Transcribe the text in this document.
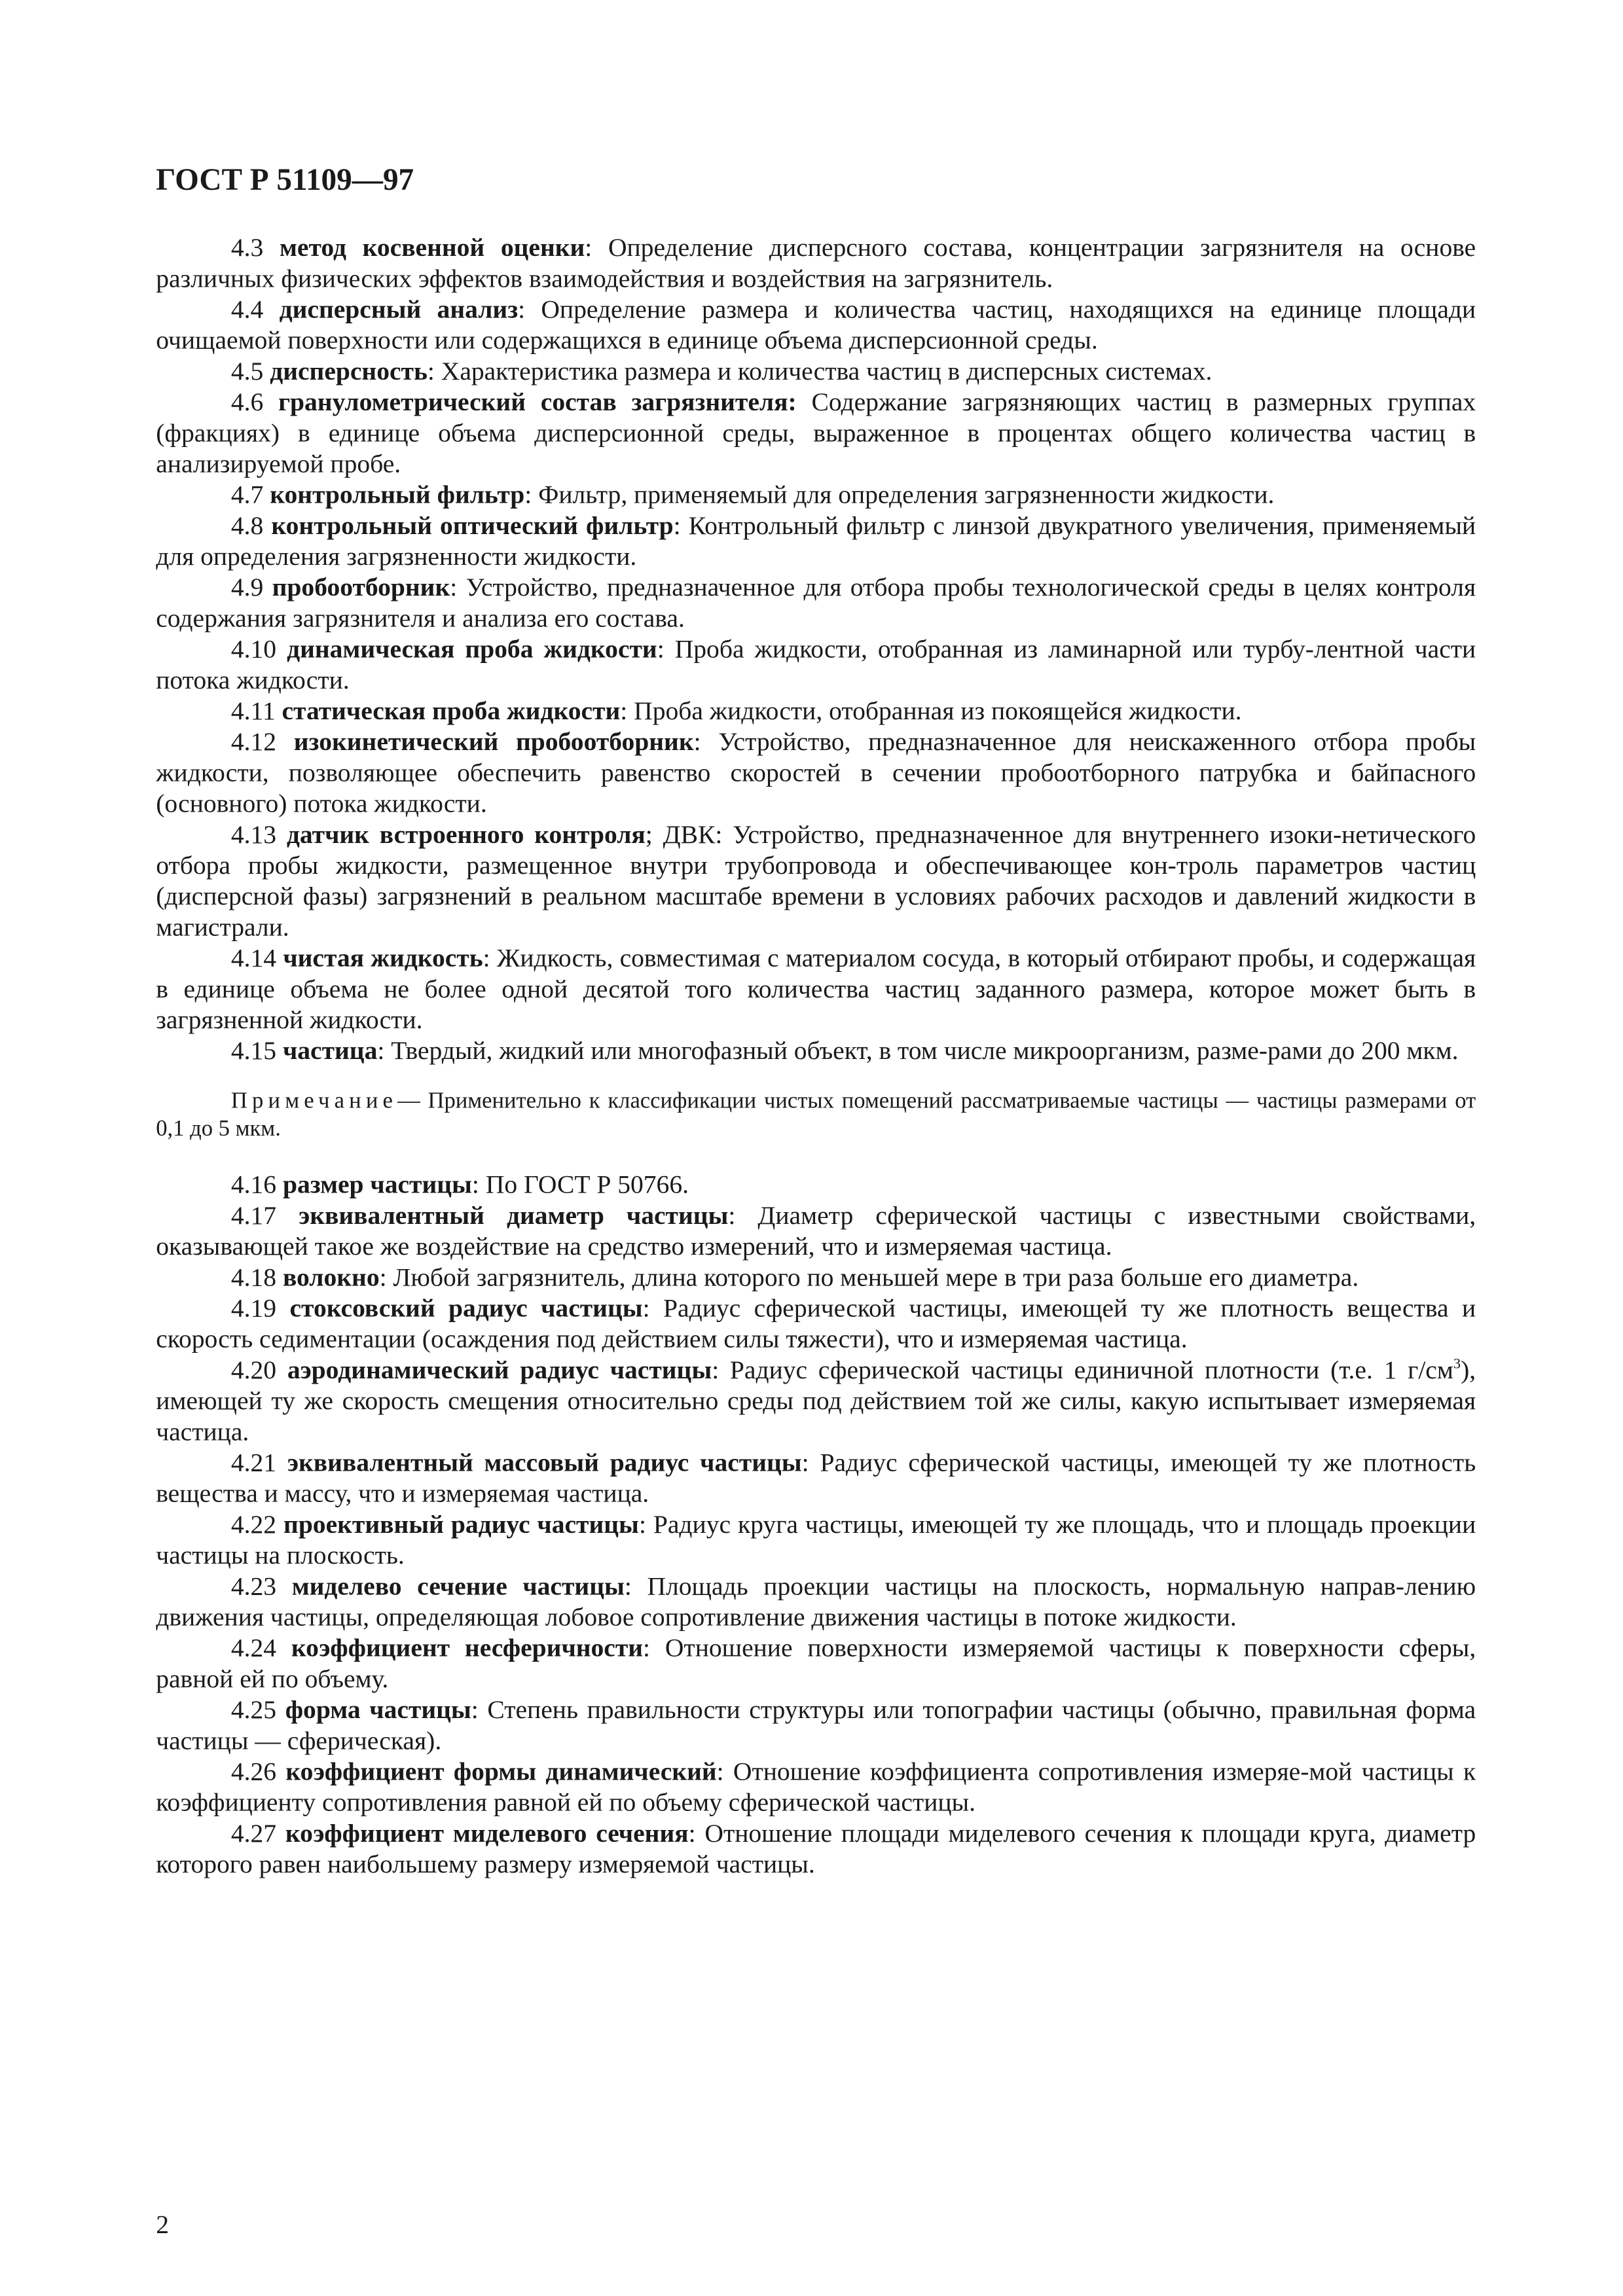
ГОСТ Р 51109—97

4.3 метод косвенной оценки: Определение дисперсного состава, концентрации загрязнителя на основе различных физических эффектов взаимодействия и воздействия на загрязнитель.

4.4 дисперсный анализ: Определение размера и количества частиц, находящихся на единице площади очищаемой поверхности или содержащихся в единице объема дисперсионной среды.

4.5 дисперсность: Характеристика размера и количества частиц в дисперсных системах.

4.6 гранулометрический состав загрязнителя: Содержание загрязняющих частиц в размерных группах (фракциях) в единице объема дисперсионной среды, выраженное в процентах общего количества частиц в анализируемой пробе.

4.7 контрольный фильтр: Фильтр, применяемый для определения загрязненности жидкости.

4.8 контрольный оптический фильтр: Контрольный фильтр с линзой двукратного увеличения, применяемый для определения загрязненности жидкости.

4.9 пробоотборник: Устройство, предназначенное для отбора пробы технологической среды в целях контроля содержания загрязнителя и анализа его состава.

4.10 динамическая проба жидкости: Проба жидкости, отобранная из ламинарной или турбу-лентной части потока жидкости.

4.11 статическая проба жидкости: Проба жидкости, отобранная из покоящейся жидкости.

4.12 изокинетический пробоотборник: Устройство, предназначенное для неискаженного отбора пробы жидкости, позволяющее обеспечить равенство скоростей в сечении пробоотборного патрубка и байпасного (основного) потока жидкости.

4.13 датчик встроенного контроля; ДВК: Устройство, предназначенное для внутреннего изоки-нетического отбора пробы жидкости, размещенное внутри трубопровода и обеспечивающее кон-троль параметров частиц (дисперсной фазы) загрязнений в реальном масштабе времени в условиях рабочих расходов и давлений жидкости в магистрали.

4.14 чистая жидкость: Жидкость, совместимая с материалом сосуда, в который отбирают пробы, и содержащая в единице объема не более одной десятой того количества частиц заданного размера, которое может быть в загрязненной жидкости.

4.15 частица: Твердый, жидкий или многофазный объект, в том числе микроорганизм, разме-рами до 200 мкм.

Примечание— Применительно к классификации чистых помещений рассматриваемые частицы — частицы размерами от 0,1 до 5 мкм.

4.16 размер частицы: По ГОСТ Р 50766.

4.17 эквивалентный диаметр частицы: Диаметр сферической частицы с известными свойствами, оказывающей такое же воздействие на средство измерений, что и измеряемая частица.

4.18 волокно: Любой загрязнитель, длина которого по меньшей мере в три раза больше его диаметра.

4.19 стоксовский радиус частицы: Радиус сферической частицы, имеющей ту же плотность вещества и скорость седиментации (осаждения под действием силы тяжести), что и измеряемая частица.

4.20 аэродинамический радиус частицы: Радиус сферической частицы единичной плотности (т.е. 1 $г/см^3$), имеющей ту же скорость смещения относительно среды под действием той же силы, какую испытывает измеряемая частица.

4.21 эквивалентный массовый радиус частицы: Радиус сферической частицы, имеющей ту же плотность вещества и массу, что и измеряемая частица.

4.22 проективный радиус частицы: Радиус круга частицы, имеющей ту же площадь, что и площадь проекции частицы на плоскость.

4.23 миделево сечение частицы: Площадь проекции частицы на плоскость, нормальную направ-лению движения частицы, определяющая лобовое сопротивление движения частицы в потоке жидкости.

4.24 коэффициент несферичности: Отношение поверхности измеряемой частицы к поверхности сферы, равной ей по объему.

4.25 форма частицы: Степень правильности структуры или топографии частицы (обычно, правильная форма частицы — сферическая).

4.26 коэффициент формы динамический: Отношение коэффициента сопротивления измеряе-мой частицы к коэффициенту сопротивления равной ей по объему сферической частицы.

4.27 коэффициент миделевого сечения: Отношение площади миделевого сечения к площади круга, диаметр которого равен наибольшему размеру измеряемой частицы.

2
